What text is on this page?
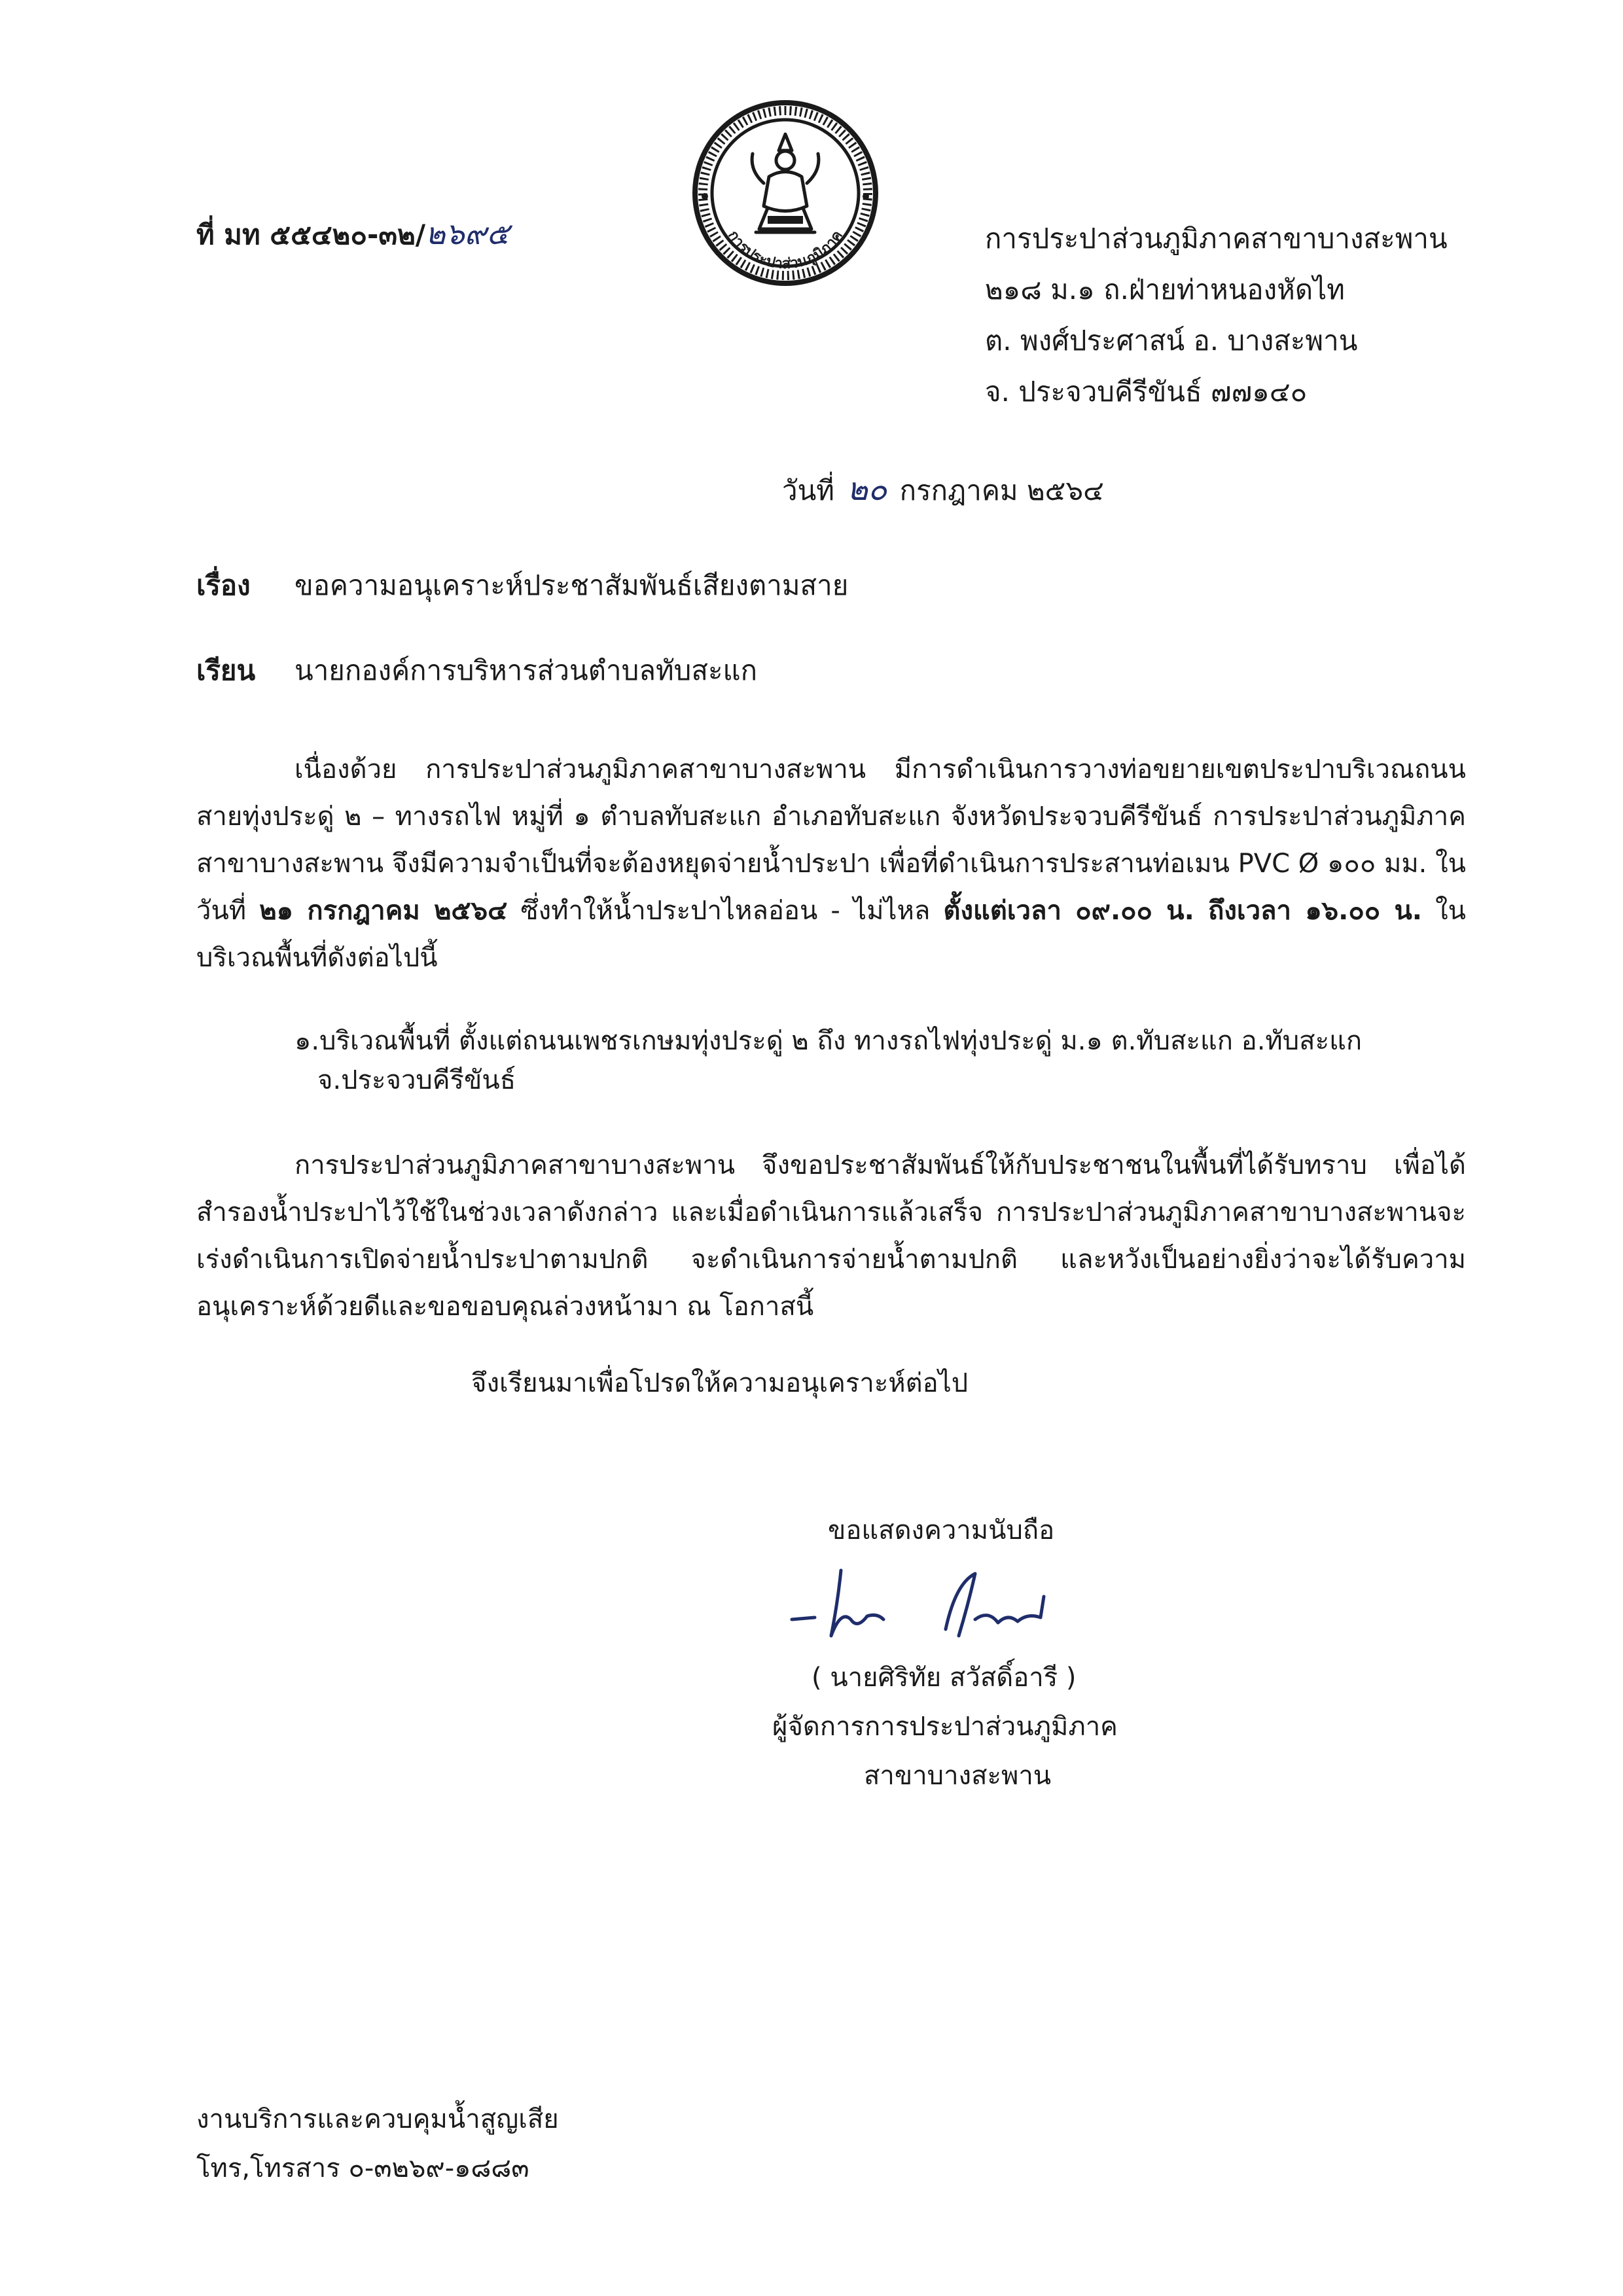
ที่ มท ๕๕๔๒๐-๓๒/๒๖๙๕	การประปาส่วนภูมิภาค	การประปาส่วนภูมิภาคสาขาบางสะพาน
๒๑๘ ม.๑ ถ.ฝ่ายท่าหนองหัดไท
ต. พงศ์ประศาสน์ อ. บางสะพาน
จ. ประจวบคีรีขันธ์ ๗๗๑๔๐
วันที่ ๒๐ กรกฎาคม ๒๕๖๔
เรื่อง ขอความอนุเคราะห์ประชาสัมพันธ์เสียงตามสาย
เรียน นายกองค์การบริหารส่วนตำบลทับสะแก

เนื่องด้วย การประปาส่วนภูมิภาคสาขาบางสะพาน มีการดำเนินการวางท่อขยายเขตประปาบริเวณถนนสายทุ่งประดู่ ๒ – ทางรถไฟ หมู่ที่ ๑ ตำบลทับสะแก อำเภอทับสะแก จังหวัดประจวบคีรีขันธ์ การประปาส่วนภูมิภาคสาขาบางสะพาน จึงมีความจำเป็นที่จะต้องหยุดจ่ายน้ำประปา เพื่อที่ดำเนินการประสานท่อเมน PVC Ø ๑๐๐ มม. ในวันที่ ๒๑ กรกฎาคม ๒๕๖๔ ซึ่งทำให้น้ำประปาไหลอ่อน - ไม่ไหล ตั้งแต่เวลา ๐๙.๐๐ น. ถึงเวลา ๑๖.๐๐ น. ในบริเวณพื้นที่ดังต่อไปนี้

๑.บริเวณพื้นที่ ตั้งแต่ถนนเพชรเกษมทุ่งประดู่ ๒ ถึง ทางรถไฟทุ่งประดู่ ม.๑ ต.ทับสะแก อ.ทับสะแก
จ.ประจวบคีรีขันธ์

การประปาส่วนภูมิภาคสาขาบางสะพาน จึงขอประชาสัมพันธ์ให้กับประชาชนในพื้นที่ได้รับทราบ เพื่อได้สำรองน้ำประปาไว้ใช้ในช่วงเวลาดังกล่าว และเมื่อดำเนินการแล้วเสร็จ การประปาส่วนภูมิภาคสาขาบางสะพานจะเร่งดำเนินการเปิดจ่ายน้ำประปาตามปกติ จะดำเนินการจ่ายน้ำตามปกติ และหวังเป็นอย่างยิ่งว่าจะได้รับความอนุเคราะห์ด้วยดีและขอขอบคุณล่วงหน้ามา ณ โอกาสนี้

จึงเรียนมาเพื่อโปรดให้ความอนุเคราะห์ต่อไป
ขอแสดงความนับถือ
( นายศิริทัย สวัสดิ์อารี )
ผู้จัดการการประปาส่วนภูมิภาค
สาขาบางสะพาน
งานบริการและควบคุมน้ำสูญเสีย
โทร,โทรสาร ๐-๓๒๖๙-๑๘๘๓
